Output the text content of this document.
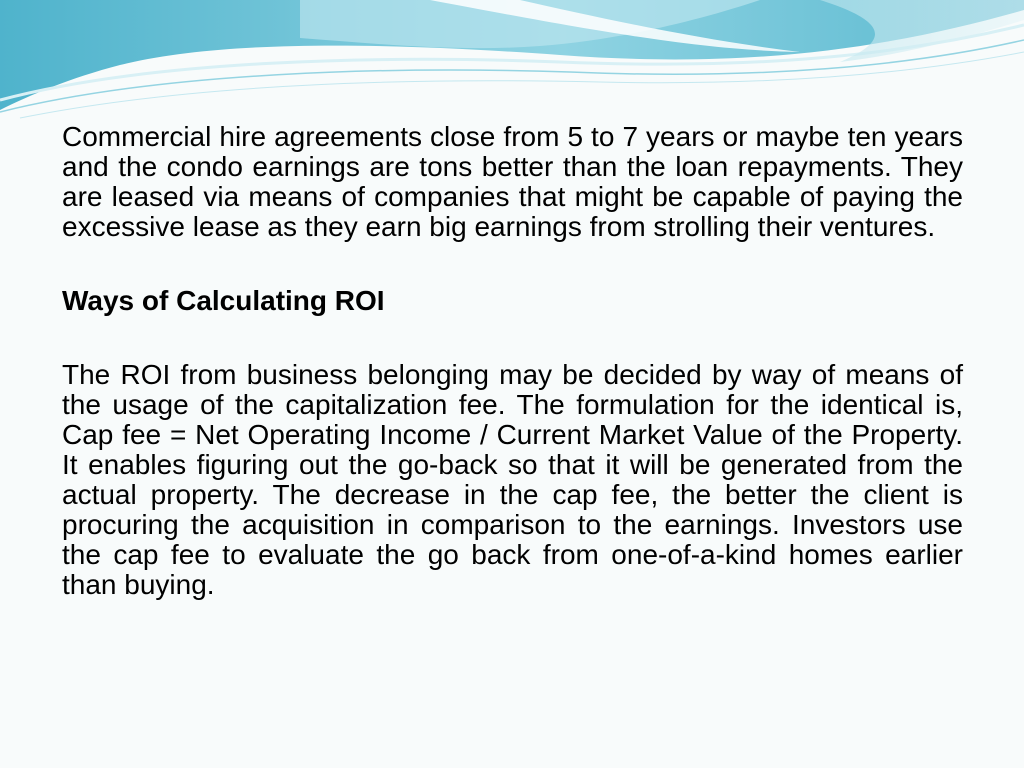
Commercial hire agreements close from 5 to 7 years or maybe ten years and the condo earnings are tons better than the loan repayments. They are leased via means of companies that might be capable of paying the excessive lease as they earn big earnings from strolling their ventures.

Ways of Calculating ROI

The ROI from business belonging may be decided by way of means of the usage of the capitalization fee. The formulation for the identical is, Cap fee = Net Operating Income / Current Market Value of the Property. It enables figuring out the go-back so that it will be generated from the actual property. The decrease in the cap fee, the better the client is procuring the acquisition in comparison to the earnings. Investors use the cap fee to evaluate the go back from one-of-a-kind homes earlier than buying.
